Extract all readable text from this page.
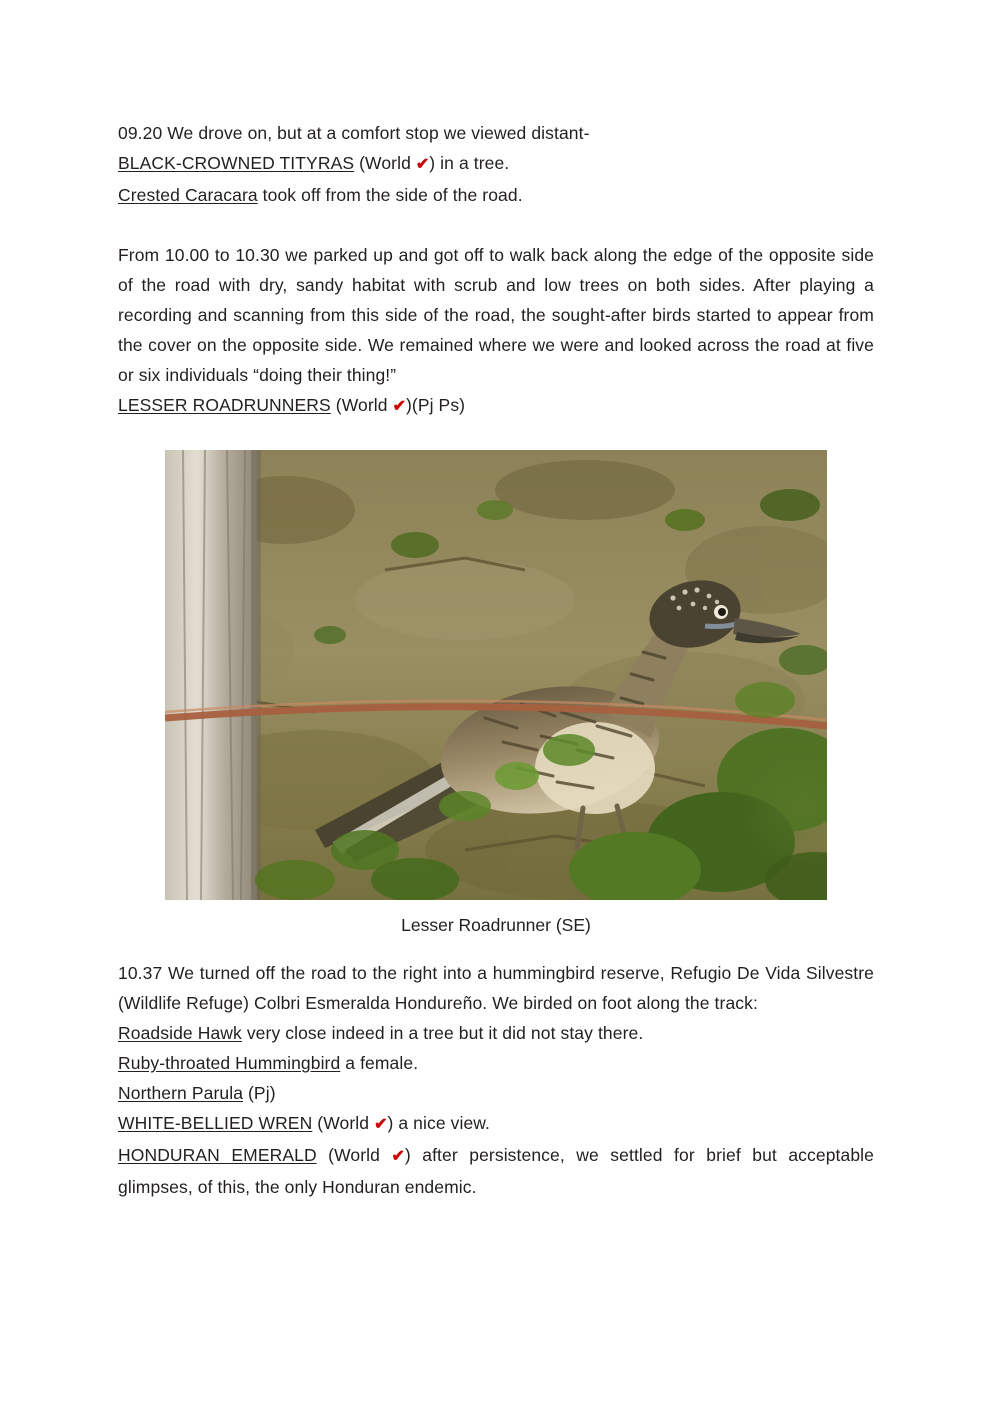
09.20 We drove on, but at a comfort stop we viewed distant-
BLACK-CROWNED TITYRAS (World ✔) in a tree.
Crested Caracara took off from the side of the road.

From 10.00 to 10.30 we parked up and got off to walk back along the edge of the opposite side of the road with dry, sandy habitat with scrub and low trees on both sides. After playing a recording and scanning from this side of the road, the sought-after birds started to appear from the cover on the opposite side. We remained where we were and looked across the road at five or six individuals “doing their thing!”

LESSER ROADRUNNERS (World ✔)(Pj Ps)

Lesser Roadrunner (SE)

10.37 We turned off the road to the right into a hummingbird reserve, Refugio De Vida Silvestre (Wildlife Refuge) Colbri Esmeralda Hondureño. We birded on foot along the track:

Roadside Hawk very close indeed in a tree but it did not stay there.

Ruby-throated Hummingbird a female.

Northern Parula (Pj)

WHITE-BELLIED WREN (World ✔) a nice view.

HONDURAN EMERALD (World ✔) after persistence, we settled for brief but acceptable glimpses, of this, the only Honduran endemic.
